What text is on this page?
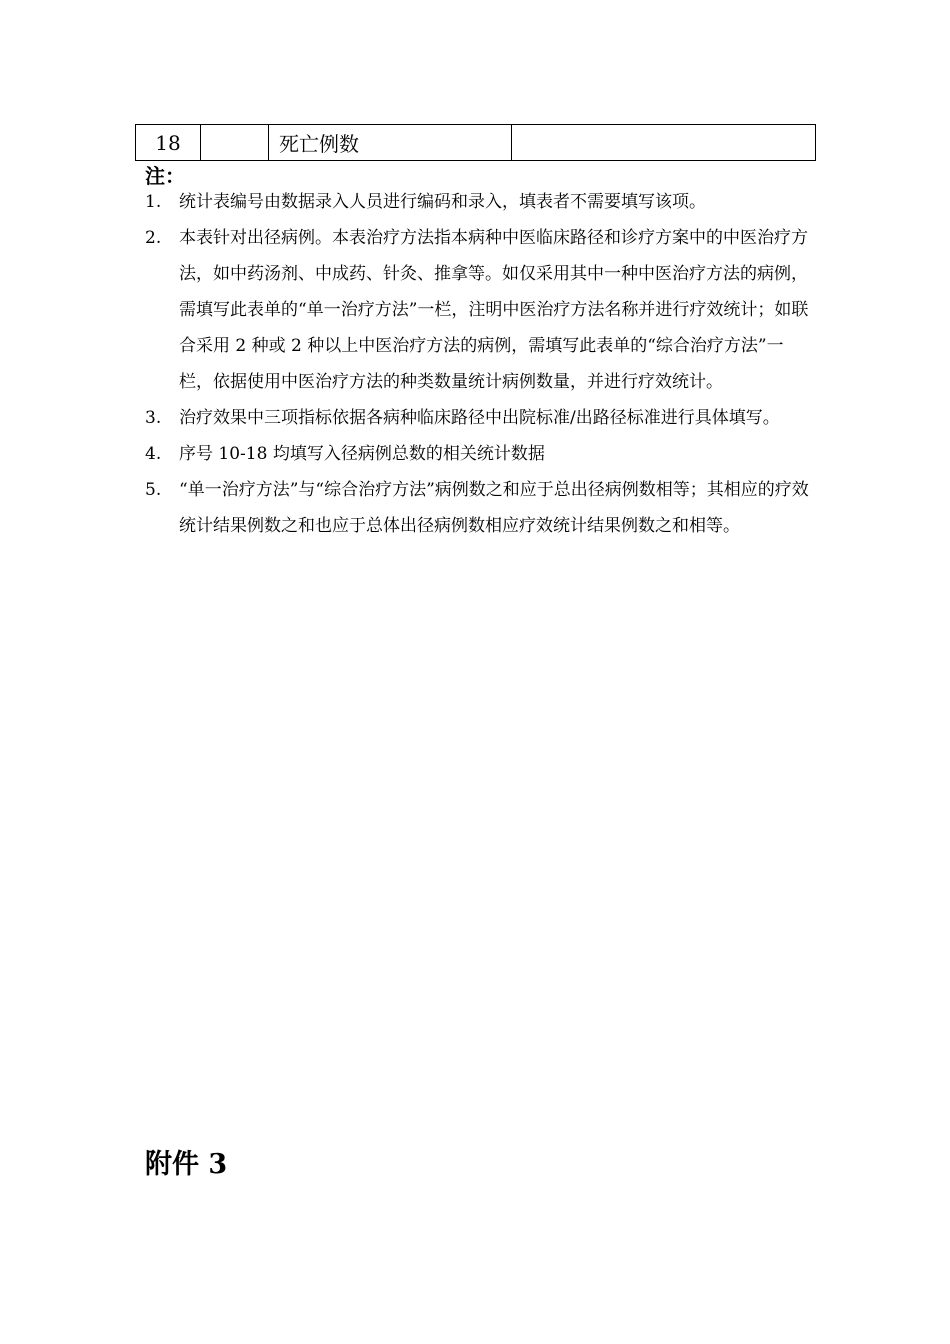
18		死亡例数	
注：
1. 统计表编号由数据录入人员进行编码和录入，填表者不需要填写该项。
2. 本表针对出径病例。本表治疗方法指本病种中医临床路径和诊疗方案中的中医治疗方法，如中药汤剂、中成药、针灸、推拿等。如仅采用其中一种中医治疗方法的病例，需填写此表单的“单一治疗方法”一栏，注明中医治疗方法名称并进行疗效统计；如联合采用 2 种或 2 种以上中医治疗方法的病例，需填写此表单的“综合治疗方法”一栏，依据使用中医治疗方法的种类数量统计病例数量，并进行疗效统计。
3. 治疗效果中三项指标依据各病种临床路径中出院标准/出路径标准进行具体填写。
4. 序号 10-18 均填写入径病例总数的相关统计数据
5. “单一治疗方法”与“综合治疗方法”病例数之和应于总出径病例数相等；其相应的疗效统计结果例数之和也应于总体出径病例数相应疗效统计结果例数之和相等。
附件 3
